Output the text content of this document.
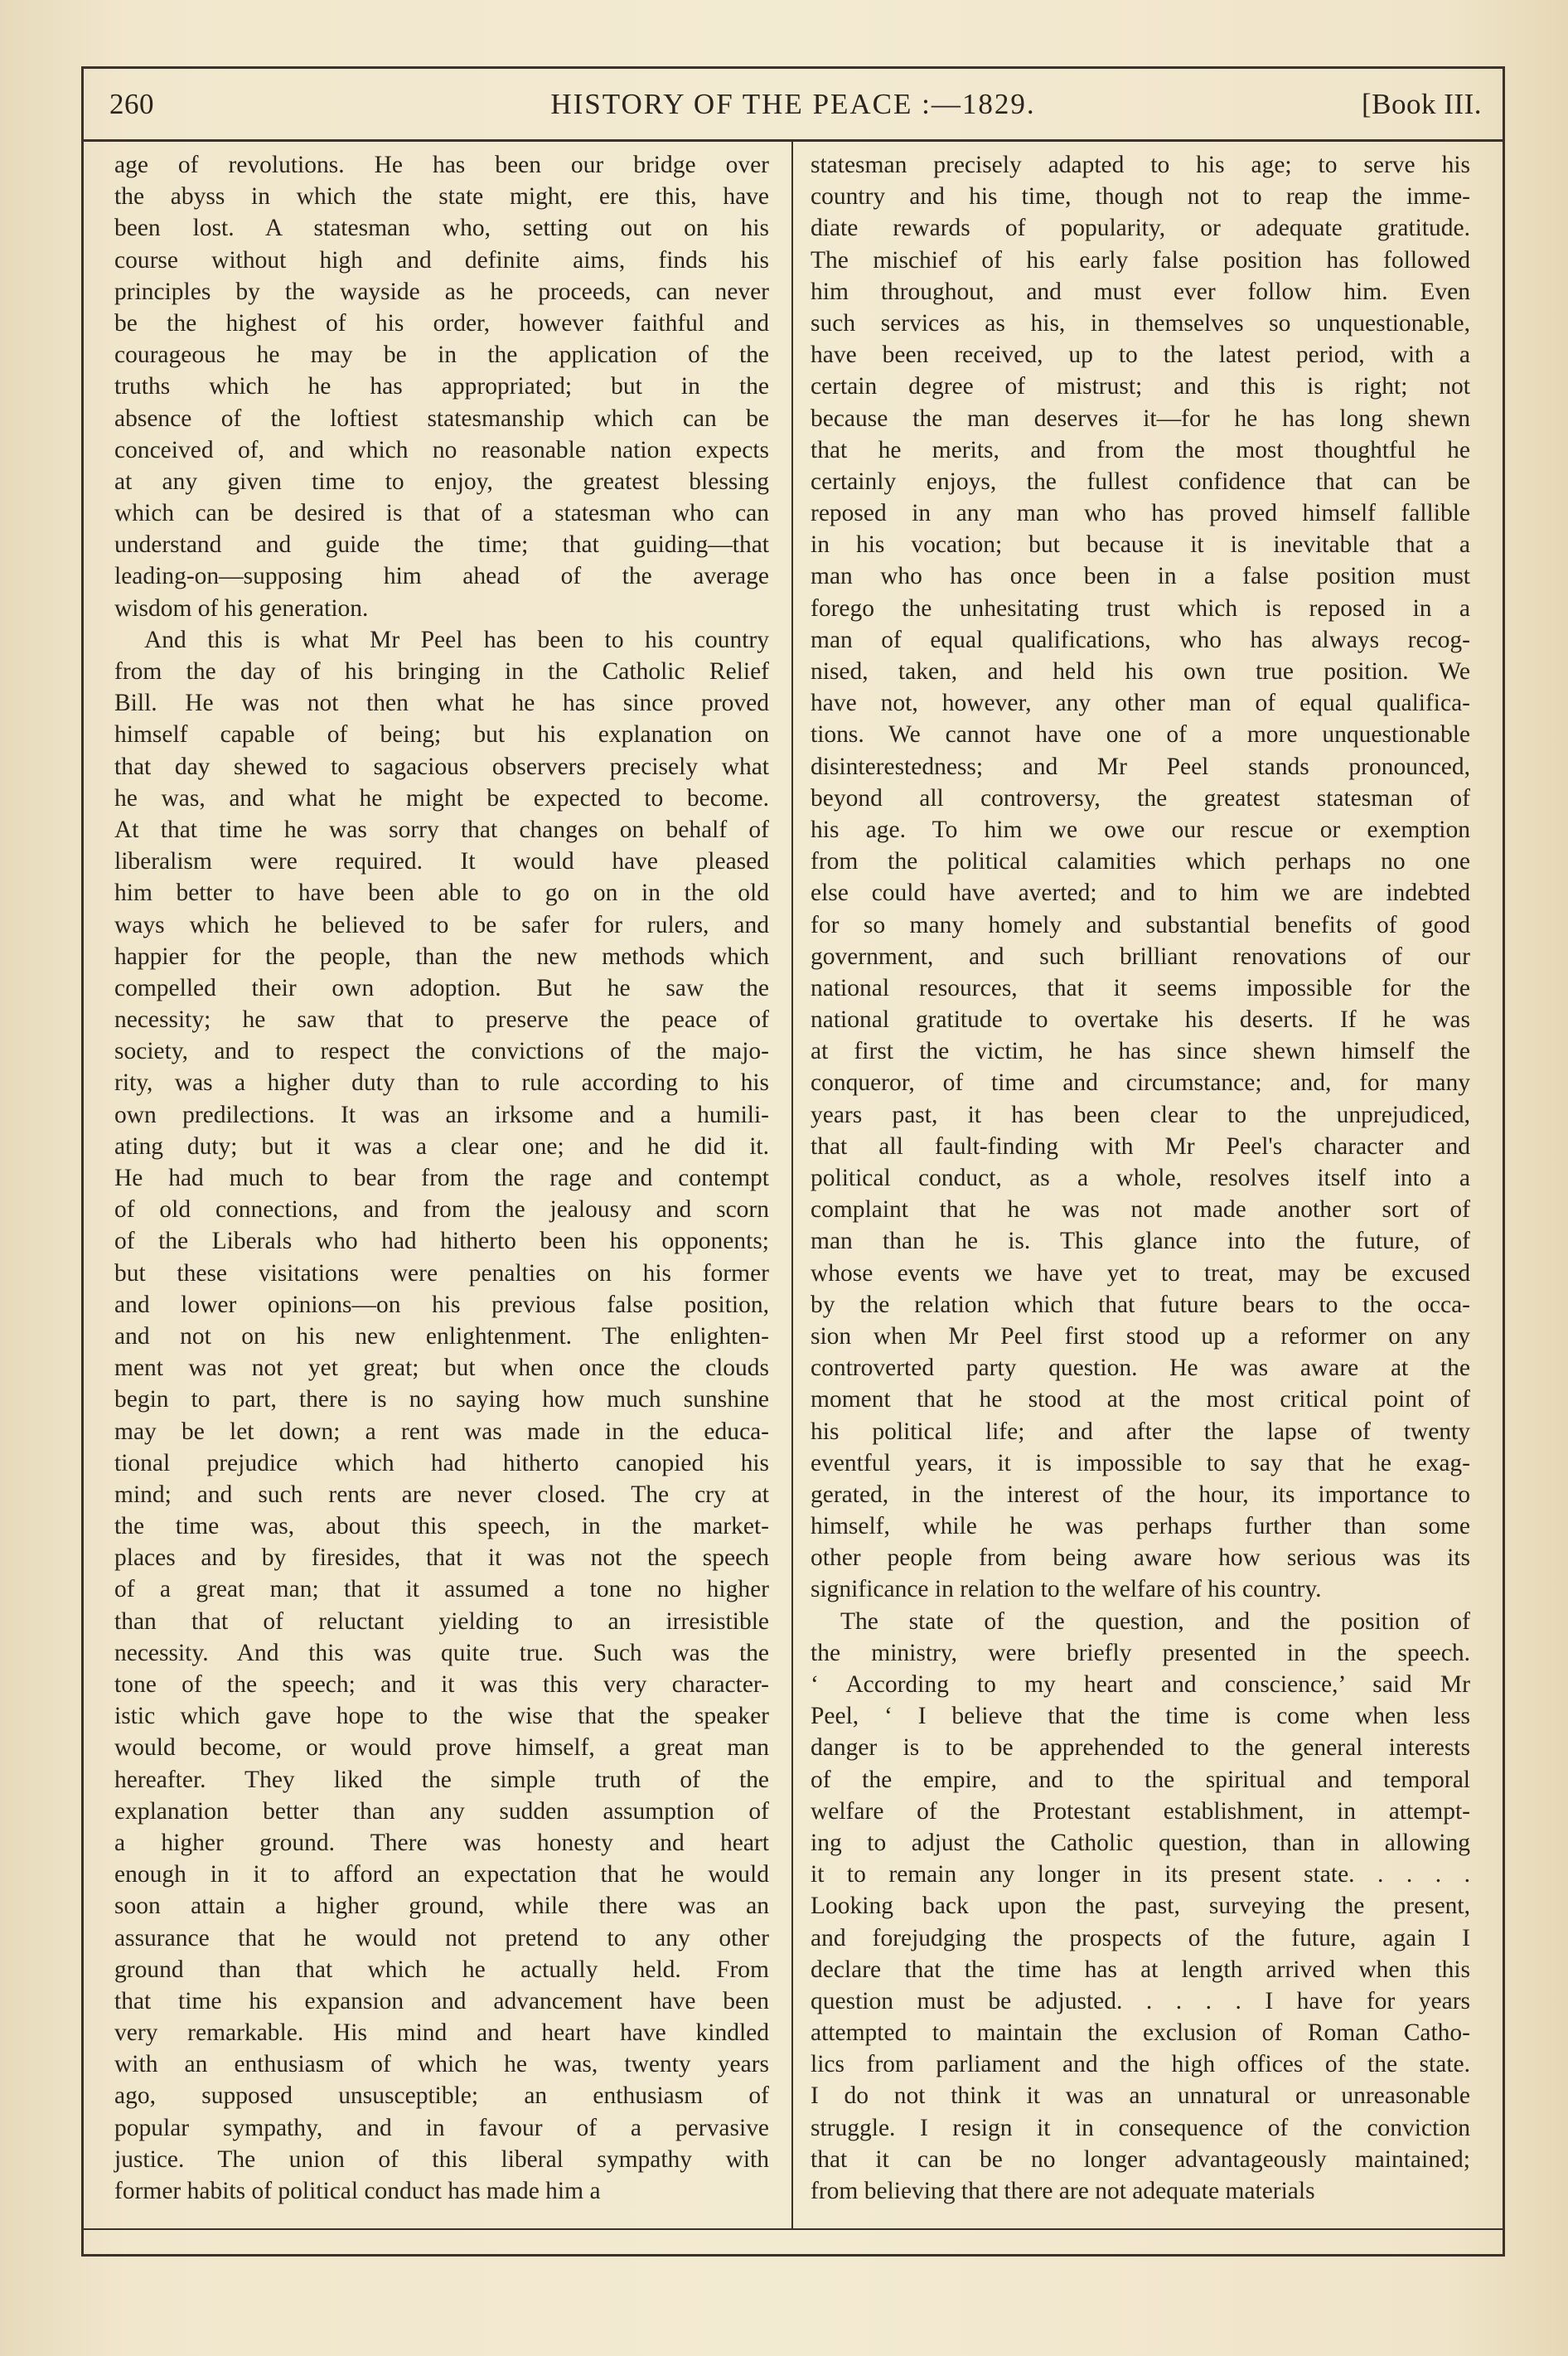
260	HISTORY OF THE PEACE :—1829.	[Book III.
age of revolutions. He has been our bridge over
the abyss in which the state might, ere this, have
been lost. A statesman who, setting out on his
course without high and definite aims, finds his
principles by the wayside as he proceeds, can never
be the highest of his order, however faithful and
courageous he may be in the application of the
truths which he has appropriated; but in the
absence of the loftiest statesmanship which can be
conceived of, and which no reasonable nation expects
at any given time to enjoy, the greatest blessing
which can be desired is that of a statesman who can
understand and guide the time; that guiding—that
leading-on—supposing him ahead of the average
wisdom of his generation.
And this is what Mr Peel has been to his country
from the day of his bringing in the Catholic Relief
Bill. He was not then what he has since proved
himself capable of being; but his explanation on
that day shewed to sagacious observers precisely what
he was, and what he might be expected to become.
At that time he was sorry that changes on behalf of
liberalism were required. It would have pleased
him better to have been able to go on in the old
ways which he believed to be safer for rulers, and
happier for the people, than the new methods which
compelled their own adoption. But he saw the
necessity; he saw that to preserve the peace of
society, and to respect the convictions of the majo-
rity, was a higher duty than to rule according to his
own predilections. It was an irksome and a humili-
ating duty; but it was a clear one; and he did it.
He had much to bear from the rage and contempt
of old connections, and from the jealousy and scorn
of the Liberals who had hitherto been his opponents;
but these visitations were penalties on his former
and lower opinions—on his previous false position,
and not on his new enlightenment. The enlighten-
ment was not yet great; but when once the clouds
begin to part, there is no saying how much sunshine
may be let down; a rent was made in the educa-
tional prejudice which had hitherto canopied his
mind; and such rents are never closed. The cry at
the time was, about this speech, in the market-
places and by firesides, that it was not the speech
of a great man; that it assumed a tone no higher
than that of reluctant yielding to an irresistible
necessity. And this was quite true. Such was the
tone of the speech; and it was this very character-
istic which gave hope to the wise that the speaker
would become, or would prove himself, a great man
hereafter. They liked the simple truth of the
explanation better than any sudden assumption of
a higher ground. There was honesty and heart
enough in it to afford an expectation that he would
soon attain a higher ground, while there was an
assurance that he would not pretend to any other
ground than that which he actually held. From
that time his expansion and advancement have been
very remarkable. His mind and heart have kindled
with an enthusiasm of which he was, twenty years
ago, supposed unsusceptible; an enthusiasm of
popular sympathy, and in favour of a pervasive
justice. The union of this liberal sympathy with
former habits of political conduct has made him a
statesman precisely adapted to his age; to serve his
country and his time, though not to reap the imme-
diate rewards of popularity, or adequate gratitude.
The mischief of his early false position has followed
him throughout, and must ever follow him. Even
such services as his, in themselves so unquestionable,
have been received, up to the latest period, with a
certain degree of mistrust; and this is right; not
because the man deserves it—for he has long shewn
that he merits, and from the most thoughtful he
certainly enjoys, the fullest confidence that can be
reposed in any man who has proved himself fallible
in his vocation; but because it is inevitable that a
man who has once been in a false position must
forego the unhesitating trust which is reposed in a
man of equal qualifications, who has always recog-
nised, taken, and held his own true position. We
have not, however, any other man of equal qualifica-
tions. We cannot have one of a more unquestionable
disinterestedness; and Mr Peel stands pronounced,
beyond all controversy, the greatest statesman of
his age. To him we owe our rescue or exemption
from the political calamities which perhaps no one
else could have averted; and to him we are indebted
for so many homely and substantial benefits of good
government, and such brilliant renovations of our
national resources, that it seems impossible for the
national gratitude to overtake his deserts. If he was
at first the victim, he has since shewn himself the
conqueror, of time and circumstance; and, for many
years past, it has been clear to the unprejudiced,
that all fault-finding with Mr Peel's character and
political conduct, as a whole, resolves itself into a
complaint that he was not made another sort of
man than he is. This glance into the future, of
whose events we have yet to treat, may be excused
by the relation which that future bears to the occa-
sion when Mr Peel first stood up a reformer on any
controverted party question. He was aware at the
moment that he stood at the most critical point of
his political life; and after the lapse of twenty
eventful years, it is impossible to say that he exag-
gerated, in the interest of the hour, its importance to
himself, while he was perhaps further than some
other people from being aware how serious was its
significance in relation to the welfare of his country.
The state of the question, and the position of
the ministry, were briefly presented in the speech.
‘ According to my heart and conscience,’ said Mr
Peel, ‘ I believe that the time is come when less
danger is to be apprehended to the general interests
of the empire, and to the spiritual and temporal
welfare of the Protestant establishment, in attempt-
ing to adjust the Catholic question, than in allowing
it to remain any longer in its present state. . . . .
Looking back upon the past, surveying the present,
and forejudging the prospects of the future, again I
declare that the time has at length arrived when this
question must be adjusted. . . . . I have for years
attempted to maintain the exclusion of Roman Catho-
lics from parliament and the high offices of the state.
I do not think it was an unnatural or unreasonable
struggle. I resign it in consequence of the conviction
that it can be no longer advantageously maintained;
from believing that there are not adequate materials
